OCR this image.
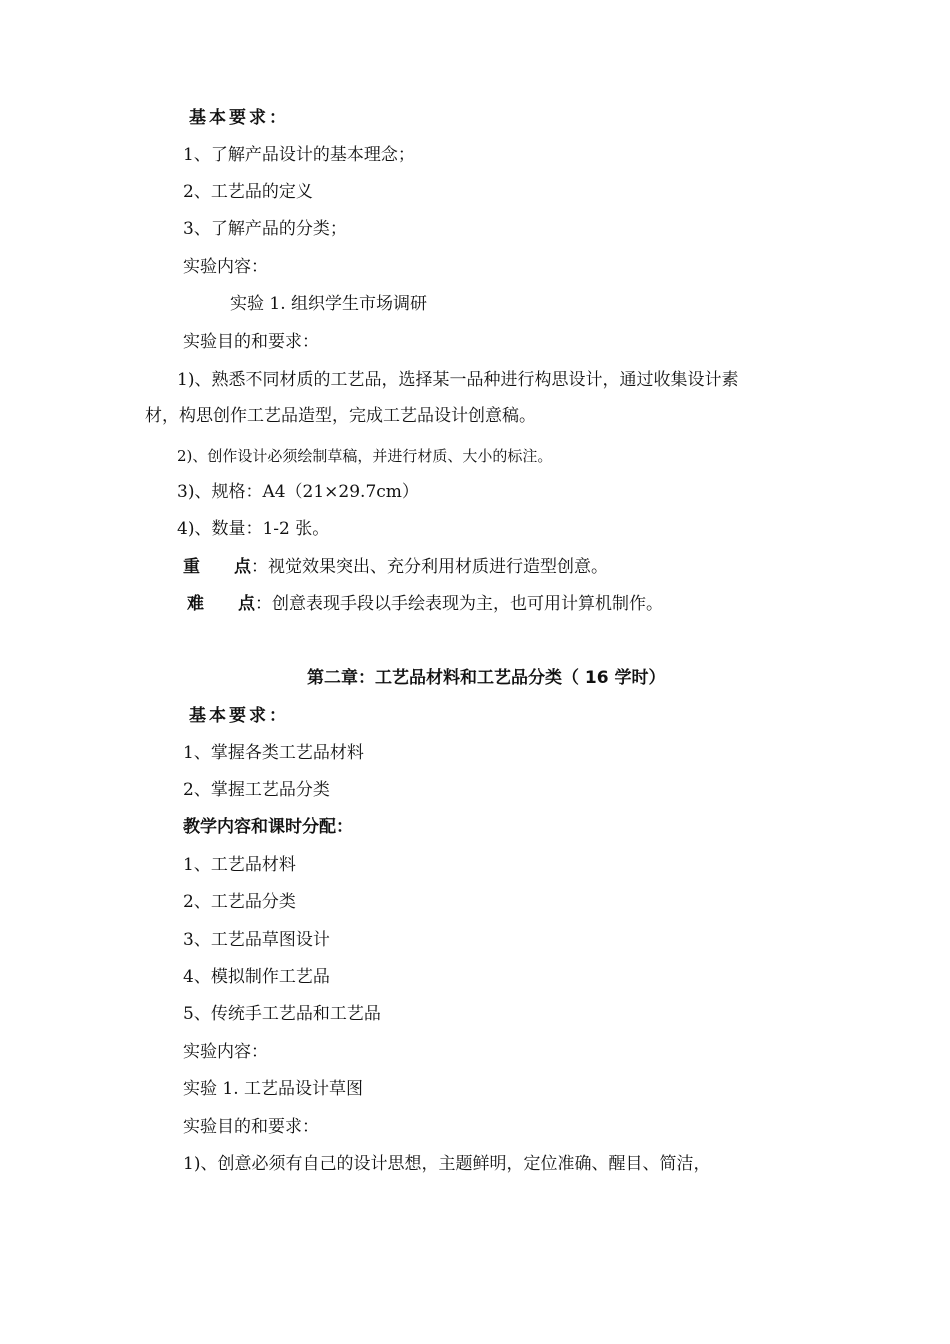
基本要求：
1、了解产品设计的基本理念；
2、工艺品的定义
3、了解产品的分类；
实验内容：
实验 1. 组织学生市场调研
实验目的和要求：
1)、熟悉不同材质的工艺品，选择某一品种进行构思设计，通过收集设计素
材，构思创作工艺品造型，完成工艺品设计创意稿。
2)、创作设计必须绘制草稿，并进行材质、大小的标注。
3)、规格：A4（21×29.7cm）
4)、数量：1-2 张。
重　　点：视觉效果突出、充分利用材质进行造型创意。
难　　点：创意表现手段以手绘表现为主，也可用计算机制作。
第二章：工艺品材料和工艺品分类（ 16 学时）
基本要求：
1、掌握各类工艺品材料
2、掌握工艺品分类
教学内容和课时分配：
1、工艺品材料
2、工艺品分类
3、工艺品草图设计
4、模拟制作工艺品
5、传统手工艺品和工艺品
实验内容：
实验 1. 工艺品设计草图
实验目的和要求：
1)、创意必须有自己的设计思想，主题鲜明，定位准确、醒目、简洁，
